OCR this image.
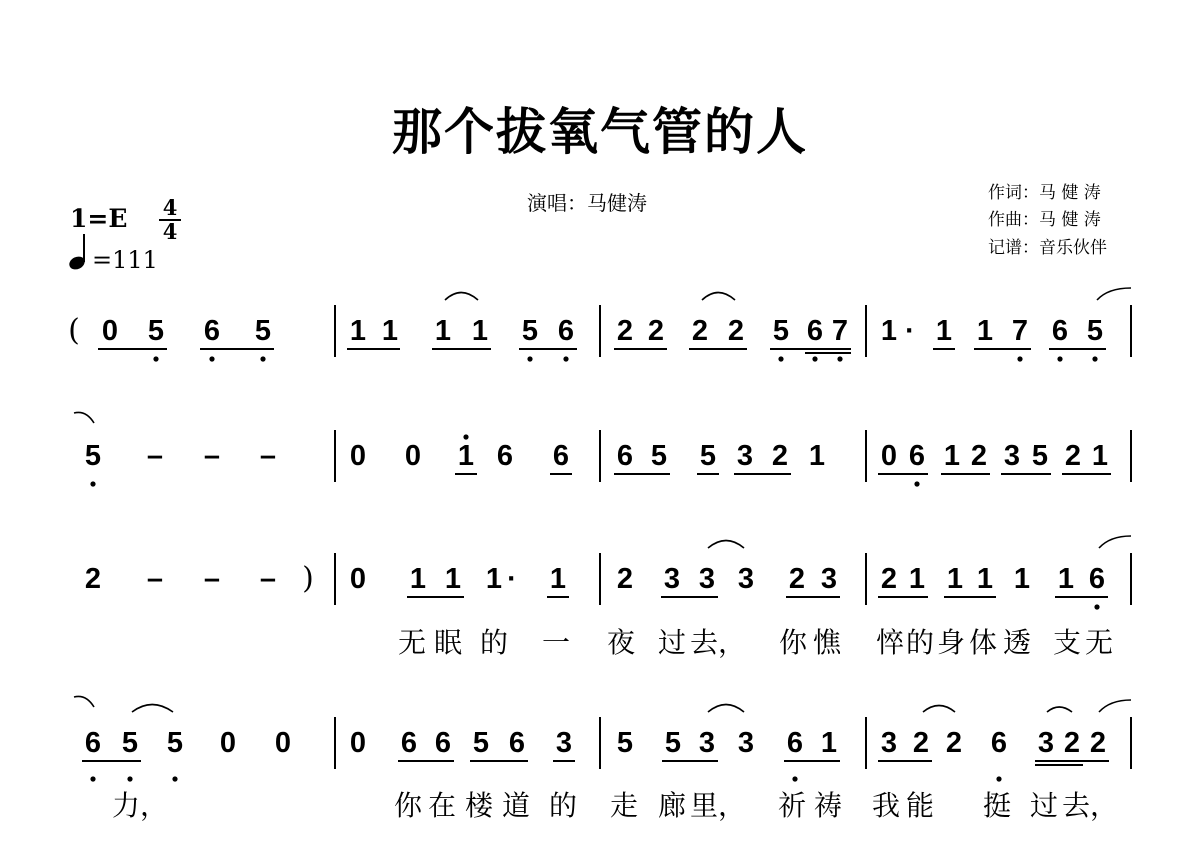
那个拔氧气管的人
演唱：马健涛	作词：马 健 涛
作曲：马 健 涛
记谱：音乐伙伴
1=E 4
4
=111
( 0 5 6 5	1 1 1 1 5 6 2 2 2 2 5 6 7 1 · 1 1 7 6 5
5 – – –	0 0 1 6 6 6 5 5 3 2 1 0 6 1 2 3 5 2 1
2 – – – ) 0 1 1 1 · 1 2 3 3 3 2 3 2 1 1 1 1 1 6
无 眠 的 一 夜 过 去， 你 憔 悴 的 身 体 透 支 无
6 5 5 0 0 0 6 6 5 6 3 5 5 3 3 6 1 3 2 2 6 3 2 2
力，	你 在 楼 道 的 走 廊 里， 祈 祷 我 能 挺 过 去，
